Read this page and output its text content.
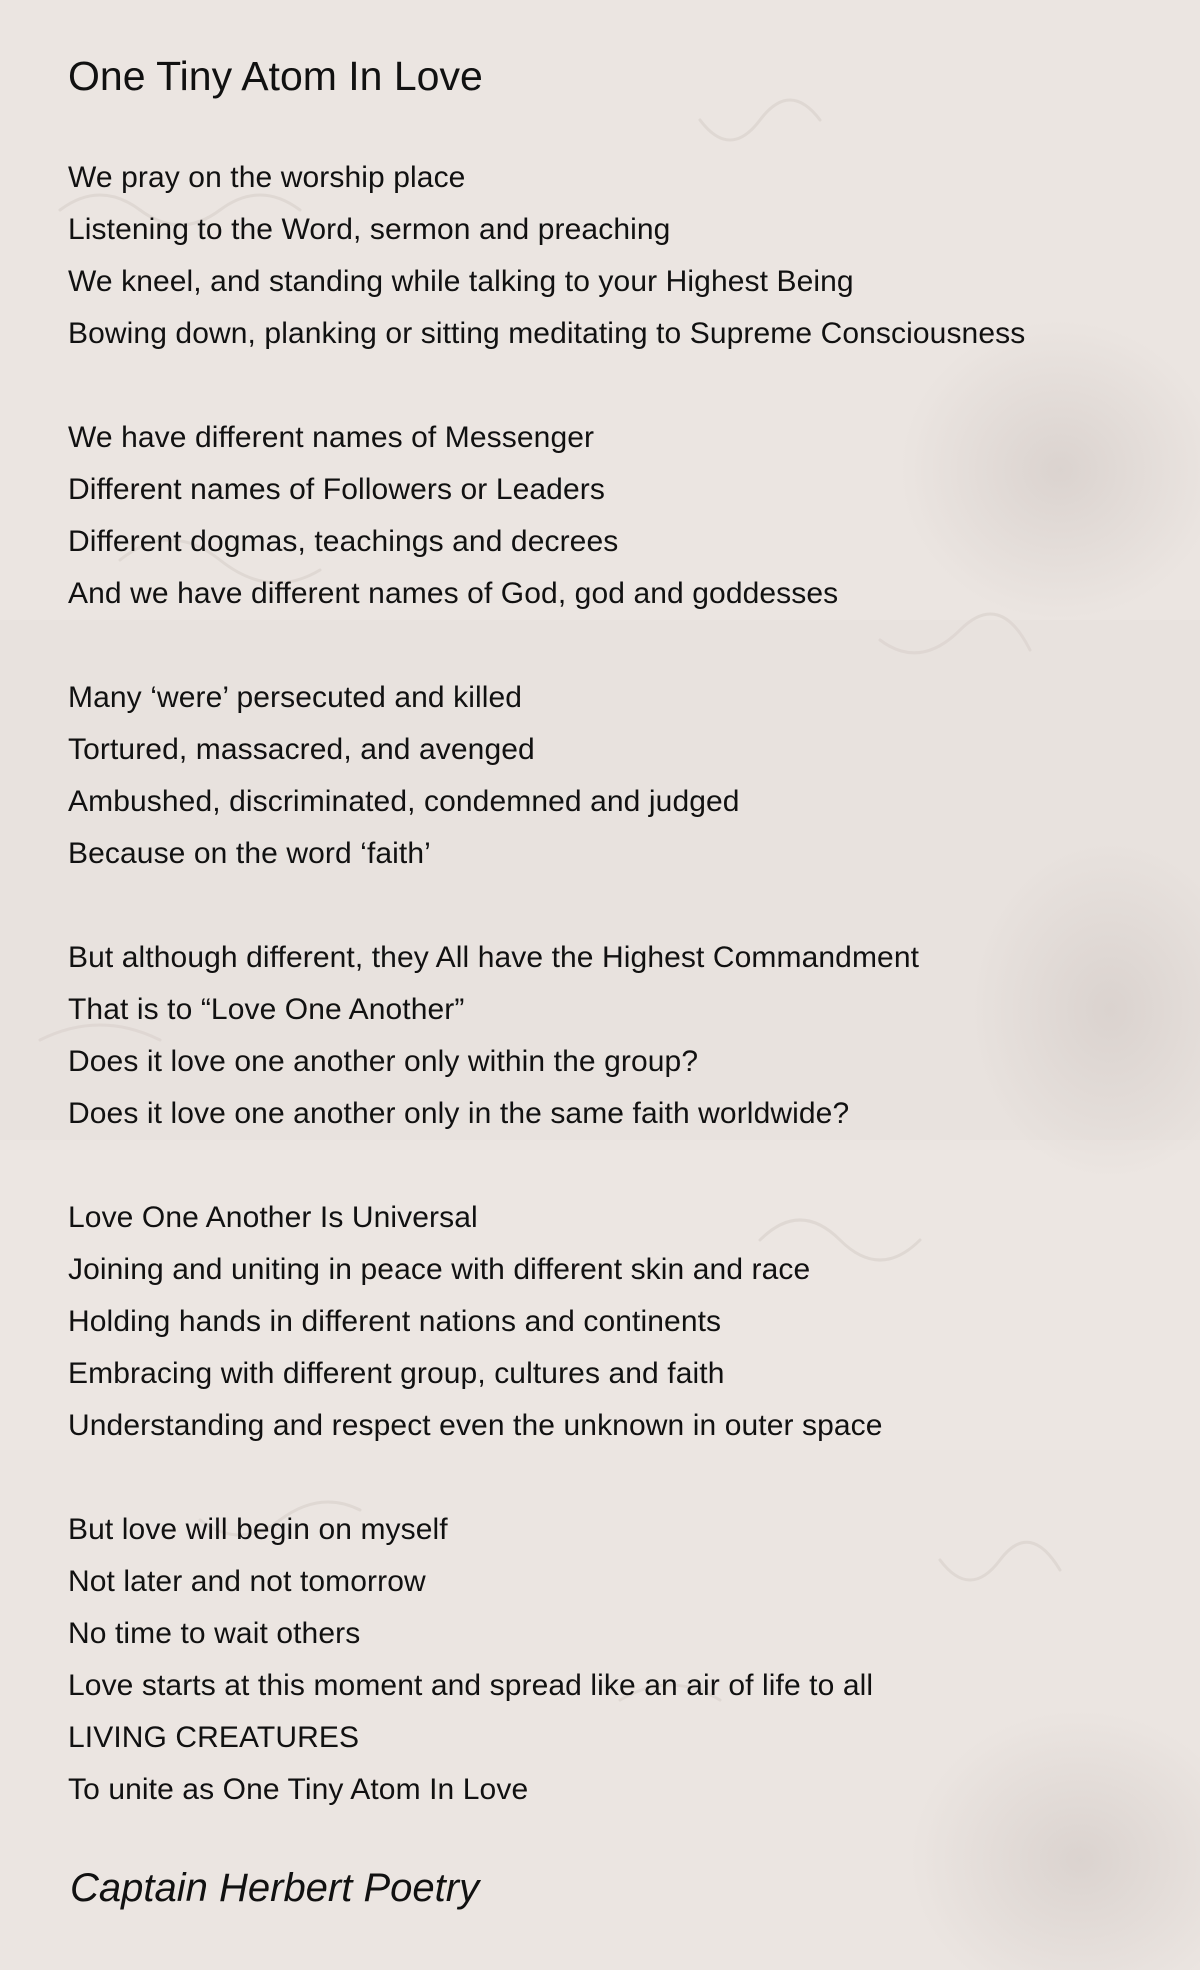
One Tiny Atom In Love
We pray on the worship place
Listening to the Word, sermon and preaching
We kneel, and standing while talking to your Highest Being
Bowing down, planking or sitting meditating to Supreme Consciousness
We have different names of Messenger
Different names of Followers or Leaders
Different dogmas, teachings and decrees
And we have different names of God, god and goddesses
Many ‘were’ persecuted and killed
Tortured, massacred, and avenged
Ambushed, discriminated, condemned and judged
Because on the word ‘faith’
But although different, they All have the Highest Commandment
That is to “Love One Another”
Does it love one another only within the group?
Does it love one another only in the same faith worldwide?
Love One Another Is Universal
Joining and uniting in peace with different skin and race
Holding hands in different nations and continents
Embracing with different group, cultures and faith
Understanding and respect even the unknown in outer space
But love will begin on myself
Not later and not tomorrow
No time to wait others
Love starts at this moment and spread like an air of life to all
LIVING CREATURES
To unite as One Tiny Atom In Love
Captain Herbert Poetry
